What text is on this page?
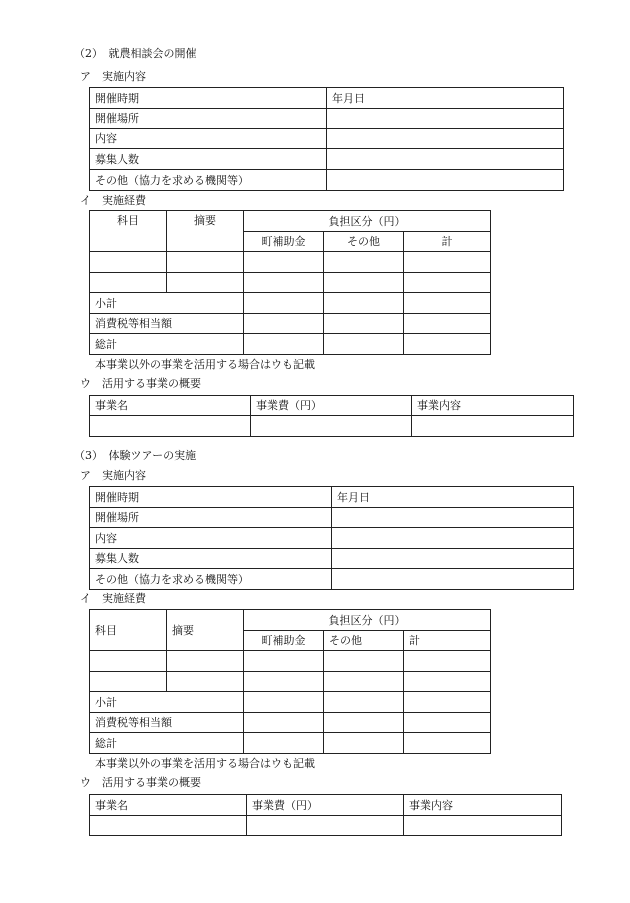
（2）　就農相談会の開催
ア　実施内容
開催時期	年月日
開催場所	
内容	
募集人数	
その他（協力を求める機関等）	
イ　実施経費
科目	摘要	負担区分（円）		
		町補助金	その他	計

小計				
消費税等相当額				
総計				
本事業以外の事業を活用する場合はウも記載
ウ　活用する事業の概要
事業名	事業費（円）	事業内容

（3）　体験ツアーの実施
ア　実施内容
開催時期	年月日
開催場所	
内容	
募集人数	
その他（協力を求める機関等）	
イ　実施経費
科目	摘要	負担区分（円）		
		町補助金	その他	計

小計				
消費税等相当額				
総計				
本事業以外の事業を活用する場合はウも記載
ウ　活用する事業の概要
事業名	事業費（円）	事業内容
